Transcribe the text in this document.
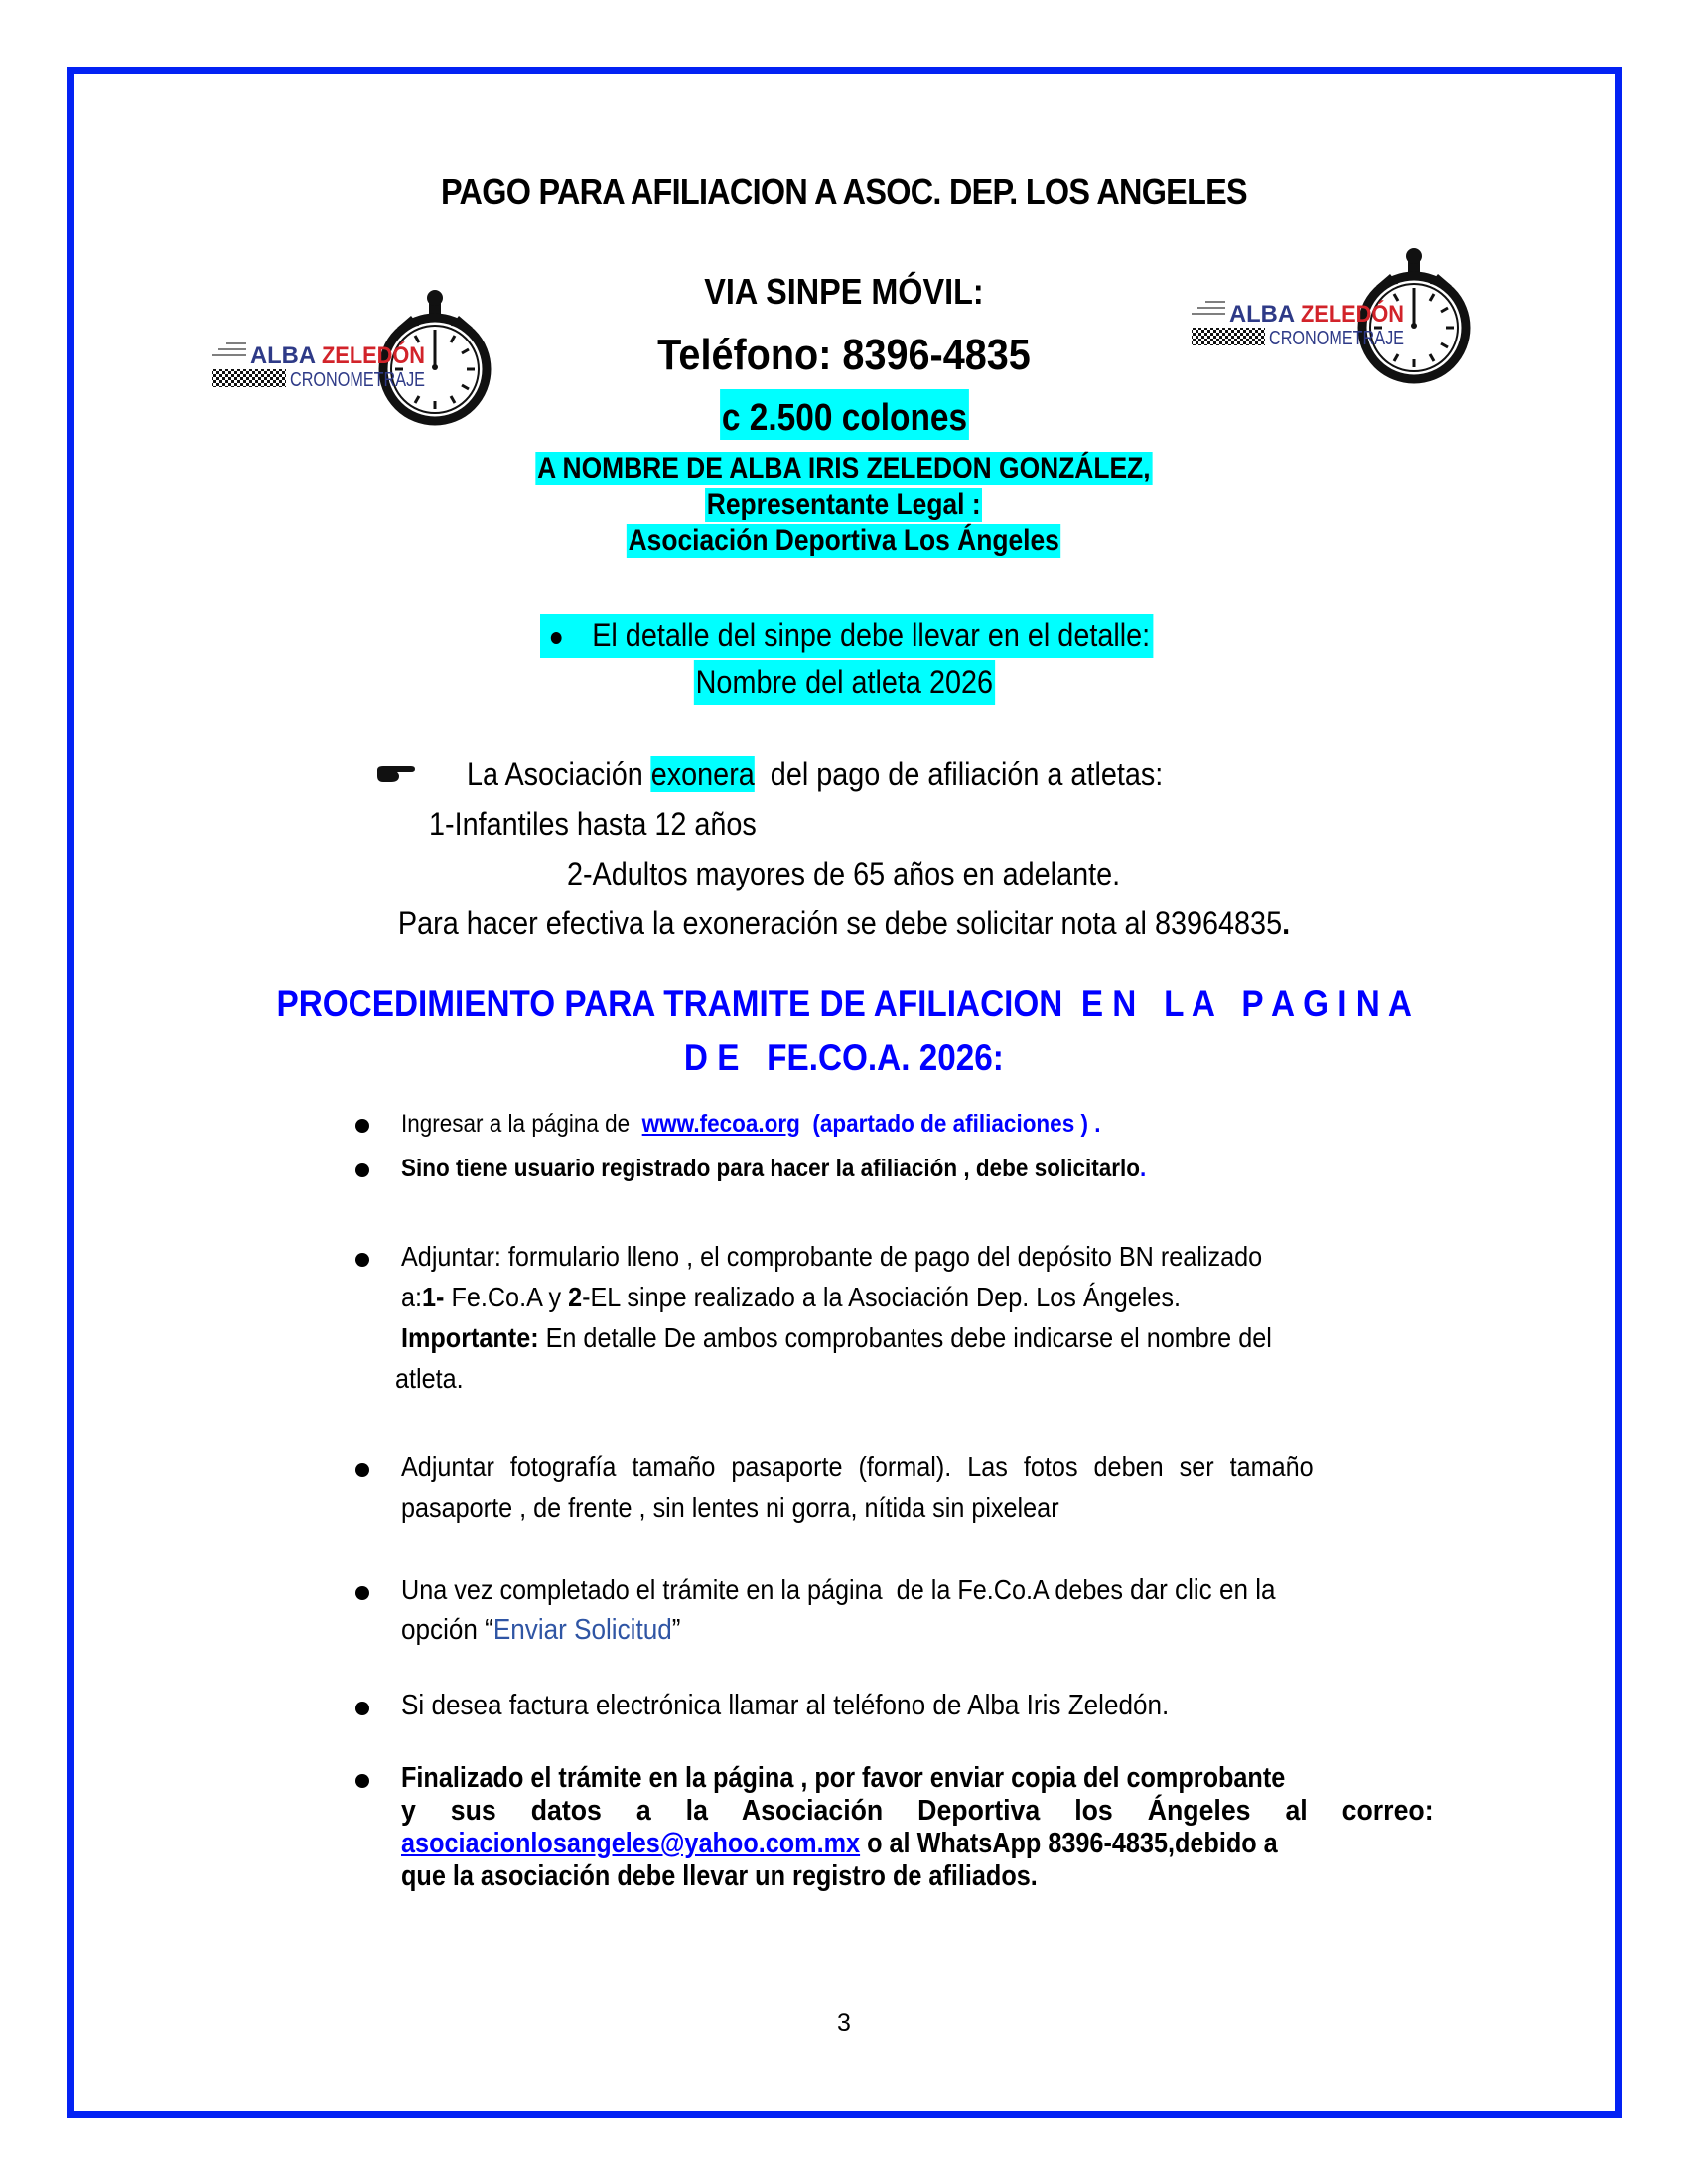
ALBA ZELEDÓN
CRONOMETRAJE
ALBA ZELEDÓN
CRONOMETRAJE
PAGO PARA AFILIACION A ASOC. DEP. LOS ANGELES
VIA SINPE MÓVIL:
Teléfono: 8396-4835
c 2.500 colones
A NOMBRE DE ALBA IRIS ZELEDON GONZÁLEZ,
Representante Legal :
Asociación Deportiva Los Ángeles
El detalle del sinpe debe llevar en el detalle:
Nombre del atleta 2026
La Asociación exonera  del pago de afiliación a atletas:
1-Infantiles hasta 12 años
2-Adultos mayores de 65 años en adelante.
Para hacer efectiva la exoneración se debe solicitar nota al 83964835.
PROCEDIMIENTO PARA TRAMITE DE AFILIACION  E N   L A   P A G I N A
D E   FE.CO.A. 2026:
Ingresar a la página de  www.fecoa.org  (apartado de afiliaciones ) .
Sino tiene usuario registrado para hacer la afiliación , debe solicitarlo.
Adjuntar: formulario lleno , el comprobante de pago del depósito BN realizado
a:1- Fe.Co.A y 2-EL sinpe realizado a la Asociación Dep. Los Ángeles.
Importante: En detalle De ambos comprobantes debe indicarse el nombre del
atleta.
Adjuntar fotografía tamaño pasaporte (formal). Las fotos deben ser tamaño
pasaporte , de frente , sin lentes ni gorra, nítida sin pixelear
Una vez completado el trámite en la página  de la Fe.Co.A debes dar clic en la
opción “Enviar Solicitud”
Si desea factura electrónica llamar al teléfono de Alba Iris Zeledón.
Finalizado el trámite en la página , por favor enviar copia del comprobante
y sus datos a la Asociación Deportiva los Ángeles al correo:
asociacionlosangeles@yahoo.com.mx o al WhatsApp 8396-4835,debido a
que la asociación debe llevar un registro de afiliados.
3
